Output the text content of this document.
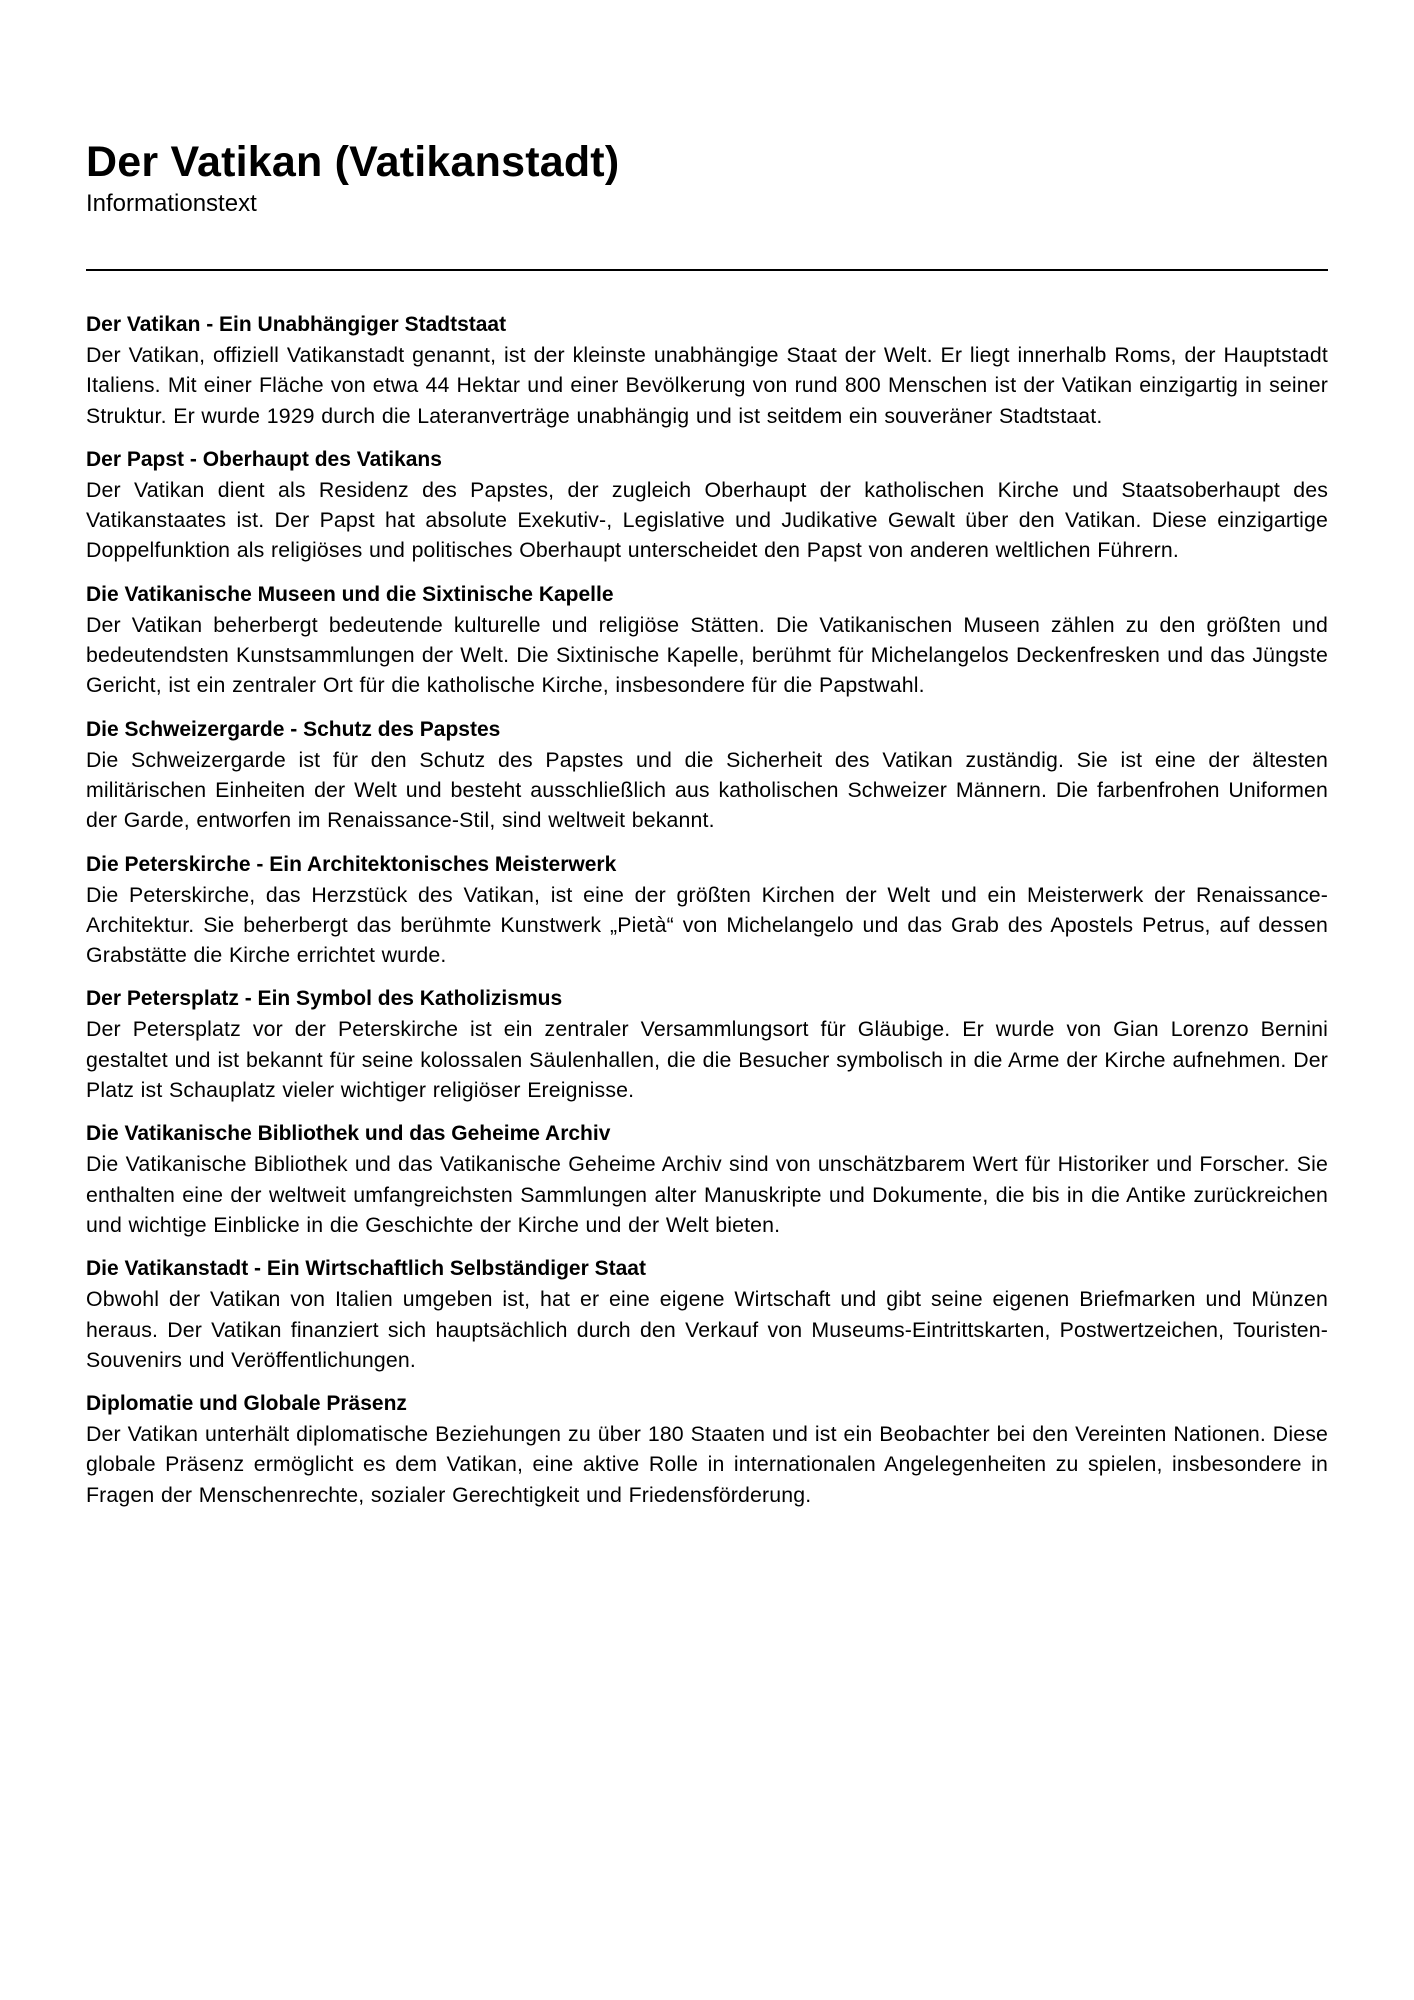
Der Vatikan (Vatikanstadt)

Informationstext

Der Vatikan - Ein Unabhängiger Stadtstaat

Der Vatikan, offiziell Vatikanstadt genannt, ist der kleinste unabhängige Staat der Welt. Er liegt innerhalb Roms, der Hauptstadt Italiens. Mit einer Fläche von etwa 44 Hektar und einer Bevölkerung von rund 800 Menschen ist der Vatikan einzigartig in seiner Struktur. Er wurde 1929 durch die Lateranverträge unabhängig und ist seitdem ein souveräner Stadtstaat.

Der Papst - Oberhaupt des Vatikans

Der Vatikan dient als Residenz des Papstes, der zugleich Oberhaupt der katholischen Kirche und Staatsoberhaupt des Vatikanstaates ist. Der Papst hat absolute Exekutiv-, Legislative und Judikative Gewalt über den Vatikan. Diese einzigartige Doppelfunktion als religiöses und politisches Oberhaupt unterscheidet den Papst von anderen weltlichen Führern.

Die Vatikanische Museen und die Sixtinische Kapelle

Der Vatikan beherbergt bedeutende kulturelle und religiöse Stätten. Die Vatikanischen Museen zählen zu den größten und bedeutendsten Kunstsammlungen der Welt. Die Sixtinische Kapelle, berühmt für Michelangelos Deckenfresken und das Jüngste Gericht, ist ein zentraler Ort für die katholische Kirche, insbesondere für die Papstwahl.

Die Schweizergarde - Schutz des Papstes

Die Schweizergarde ist für den Schutz des Papstes und die Sicherheit des Vatikan zuständig. Sie ist eine der ältesten militärischen Einheiten der Welt und besteht ausschließlich aus katholischen Schweizer Männern. Die farbenfrohen Uniformen der Garde, entworfen im Renaissance-Stil, sind weltweit bekannt.

Die Peterskirche - Ein Architektonisches Meisterwerk

Die Peterskirche, das Herzstück des Vatikan, ist eine der größten Kirchen der Welt und ein Meisterwerk der Renaissance-Architektur. Sie beherbergt das berühmte Kunstwerk „Pietà“ von Michelangelo und das Grab des Apostels Petrus, auf dessen Grabstätte die Kirche errichtet wurde.

Der Petersplatz - Ein Symbol des Katholizismus

Der Petersplatz vor der Peterskirche ist ein zentraler Versammlungsort für Gläubige. Er wurde von Gian Lorenzo Bernini gestaltet und ist bekannt für seine kolossalen Säulenhallen, die die Besucher symbolisch in die Arme der Kirche aufnehmen. Der Platz ist Schauplatz vieler wichtiger religiöser Ereignisse.

Die Vatikanische Bibliothek und das Geheime Archiv

Die Vatikanische Bibliothek und das Vatikanische Geheime Archiv sind von unschätzbarem Wert für Historiker und Forscher. Sie enthalten eine der weltweit umfangreichsten Sammlungen alter Manuskripte und Dokumente, die bis in die Antike zurückreichen und wichtige Einblicke in die Geschichte der Kirche und der Welt bieten.

Die Vatikanstadt - Ein Wirtschaftlich Selbständiger Staat

Obwohl der Vatikan von Italien umgeben ist, hat er eine eigene Wirtschaft und gibt seine eigenen Briefmarken und Münzen heraus. Der Vatikan finanziert sich hauptsächlich durch den Verkauf von Museums-Eintrittskarten, Postwertzeichen, Touristen-Souvenirs und Veröffentlichungen.

Diplomatie und Globale Präsenz

Der Vatikan unterhält diplomatische Beziehungen zu über 180 Staaten und ist ein Beobachter bei den Vereinten Nationen. Diese globale Präsenz ermöglicht es dem Vatikan, eine aktive Rolle in internationalen Angelegenheiten zu spielen, insbesondere in Fragen der Menschenrechte, sozialer Gerechtigkeit und Friedensförderung.
